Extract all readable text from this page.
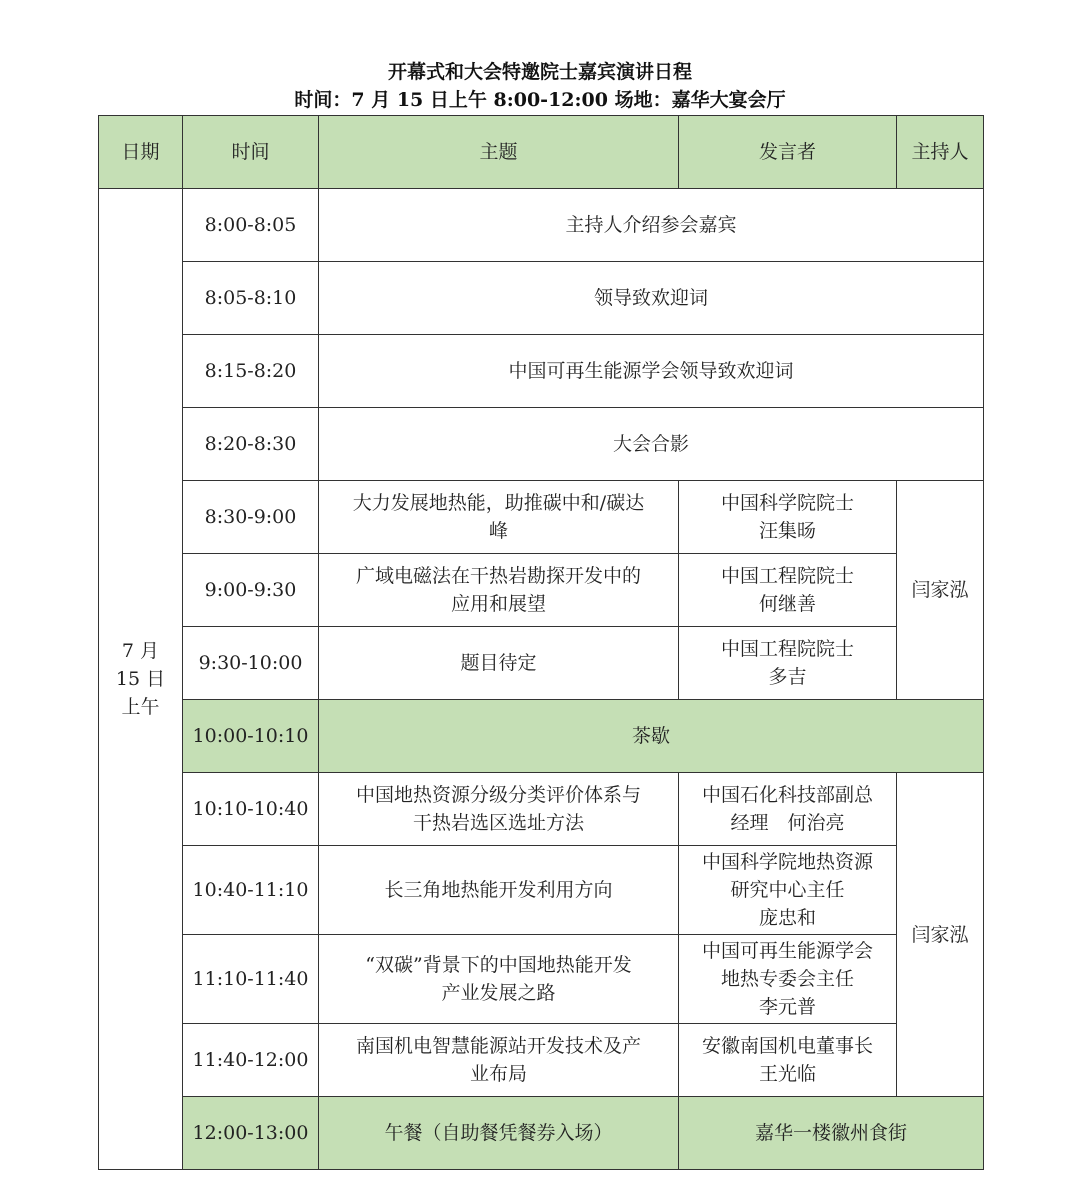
开幕式和大会特邀院士嘉宾演讲日程
时间：7 月 15 日上午 8:00-12:00 场地：嘉华大宴会厅
日期	时间	主题	发言者	主持人
7 月
15 日
上午	8:00-8:05	主持人介绍参会嘉宾		
	8:05-8:10	领导致欢迎词		
	8:15-8:20	中国可再生能源学会领导致欢迎词		
	8:20-8:30	大会合影		
	8:30-9:00	大力发展地热能，助推碳中和/碳达
峰	中国科学院院士
汪集旸	闫家泓
	9:00-9:30	广域电磁法在干热岩勘探开发中的
应用和展望	中国工程院院士
何继善	
	9:30-10:00	题目待定	中国工程院院士
多吉	
	10:00-10:10	茶歇		
	10:10-10:40	中国地热资源分级分类评价体系与
干热岩选区选址方法	中国石化科技部副总
经理　何治亮	闫家泓
	10:40-11:10	长三角地热能开发利用方向	中国科学院地热资源
研究中心主任
庞忠和	
	11:10-11:40	“双碳”背景下的中国地热能开发
产业发展之路	中国可再生能源学会
地热专委会主任
李元普	
	11:40-12:00	南国机电智慧能源站开发技术及产
业布局	安徽南国机电董事长
王光临	
	12:00-13:00	午餐（自助餐凭餐券入场）	嘉华一楼徽州食街	
